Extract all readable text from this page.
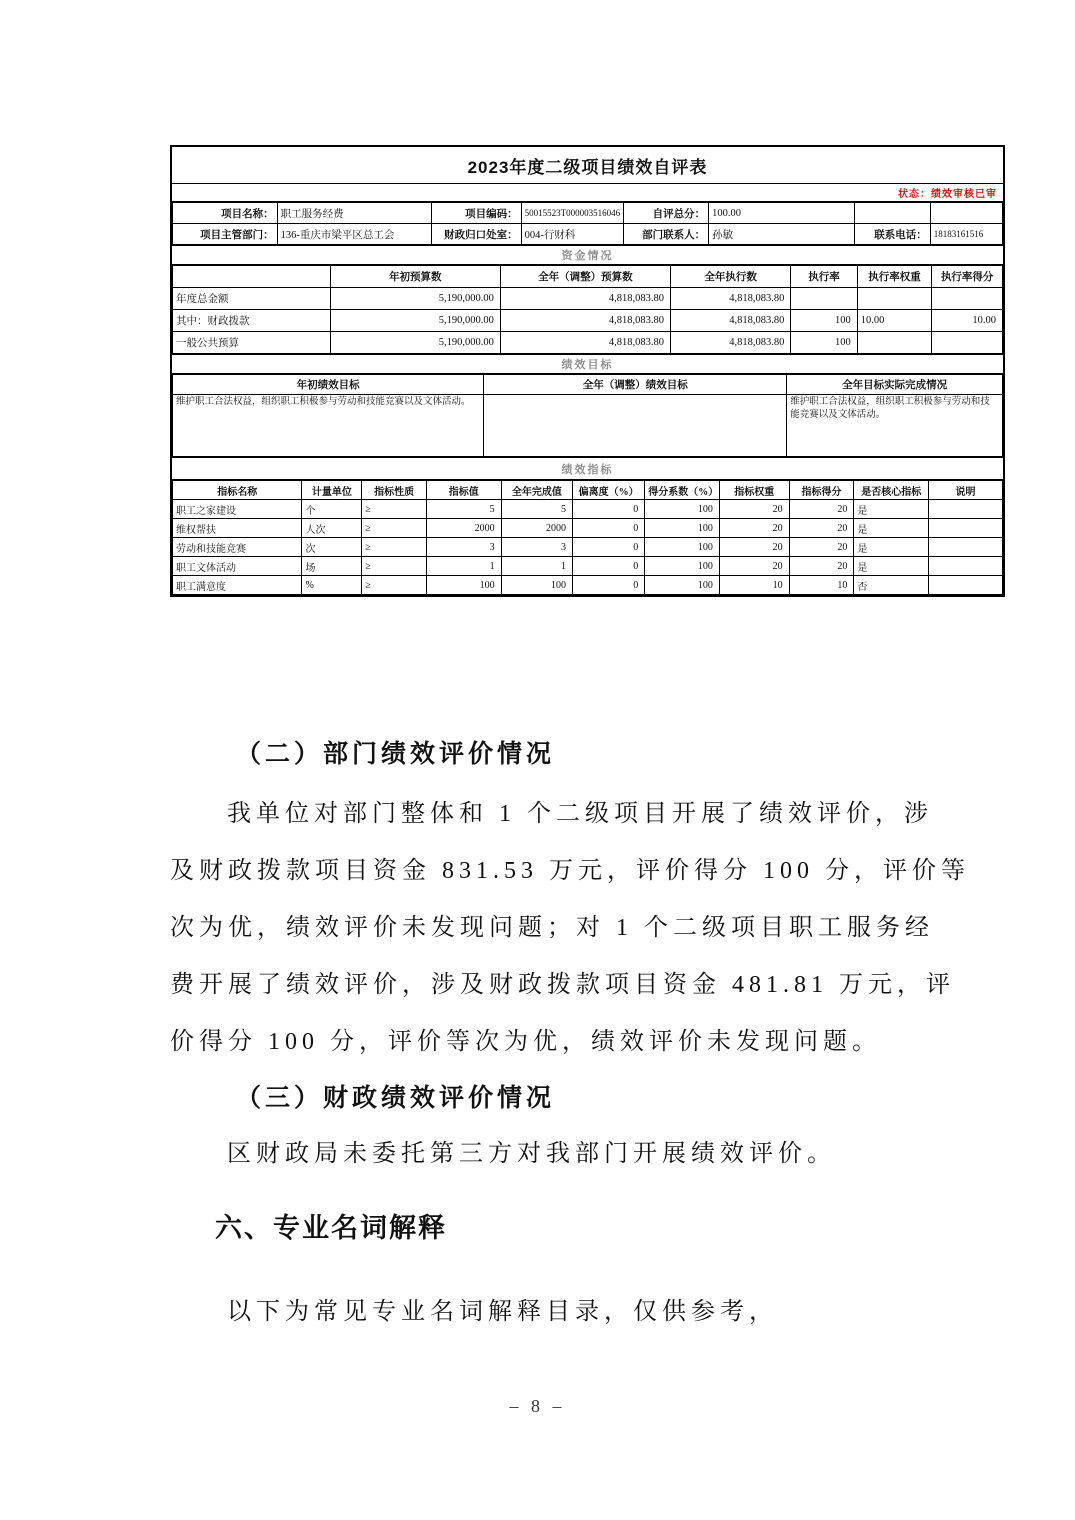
2023年度二级项目绩效自评表
状态：绩效审核已审
项目名称：	职工服务经费	项目编码：	50015523T000003516046	自评总分：	100.00		
项目主管部门：	136-重庆市梁平区总工会	财政归口处室：	004-行财科	部门联系人：	孙敏	联系电话：	18183161516
资金情况
	年初预算数	全年（调整）预算数	全年执行数	执行率	执行率权重	执行率得分
年度总金额	5,190,000.00	4,818,083.80	4,818,083.80			
其中：财政拨款	5,190,000.00	4,818,083.80	4,818,083.80	100	10.00	10.00
一般公共预算	5,190,000.00	4,818,083.80	4,818,083.80	100		
绩效目标
年初绩效目标	全年（调整）绩效目标	全年目标实际完成情况
维护职工合法权益，组织职工积极参与劳动和技能竞赛以及文体活动。		维护职工合法权益，组织职工积极参与劳动和技能竞赛以及文体活动。
绩效指标
指标名称	计量单位	指标性质	指标值	全年完成值	偏离度（%）	得分系数（%）	指标权重	指标得分	是否核心指标	说明
职工之家建设	个	≥	5	5	0	100	20	20	是	
维权帮扶	人次	≥	2000	2000	0	100	20	20	是	
劳动和技能竞赛	次	≥	3	3	0	100	20	20	是	
职工文体活动	场	≥	1	1	0	100	20	20	是	
职工满意度	%	≥	100	100	0	100	10	10	否	
（二）部门绩效评价情况
我单位对部门整体和 1 个二级项目开展了绩效评价，涉
及财政拨款项目资金 831.53 万元，评价得分 100 分，评价等
次为优，绩效评价未发现问题；对 1 个二级项目职工服务经
费开展了绩效评价，涉及财政拨款项目资金 481.81 万元，评
价得分 100 分，评价等次为优，绩效评价未发现问题。
（三）财政绩效评价情况
区财政局未委托第三方对我部门开展绩效评价。
六、专业名词解释
以下为常见专业名词解释目录，仅供参考，
– 8 –
